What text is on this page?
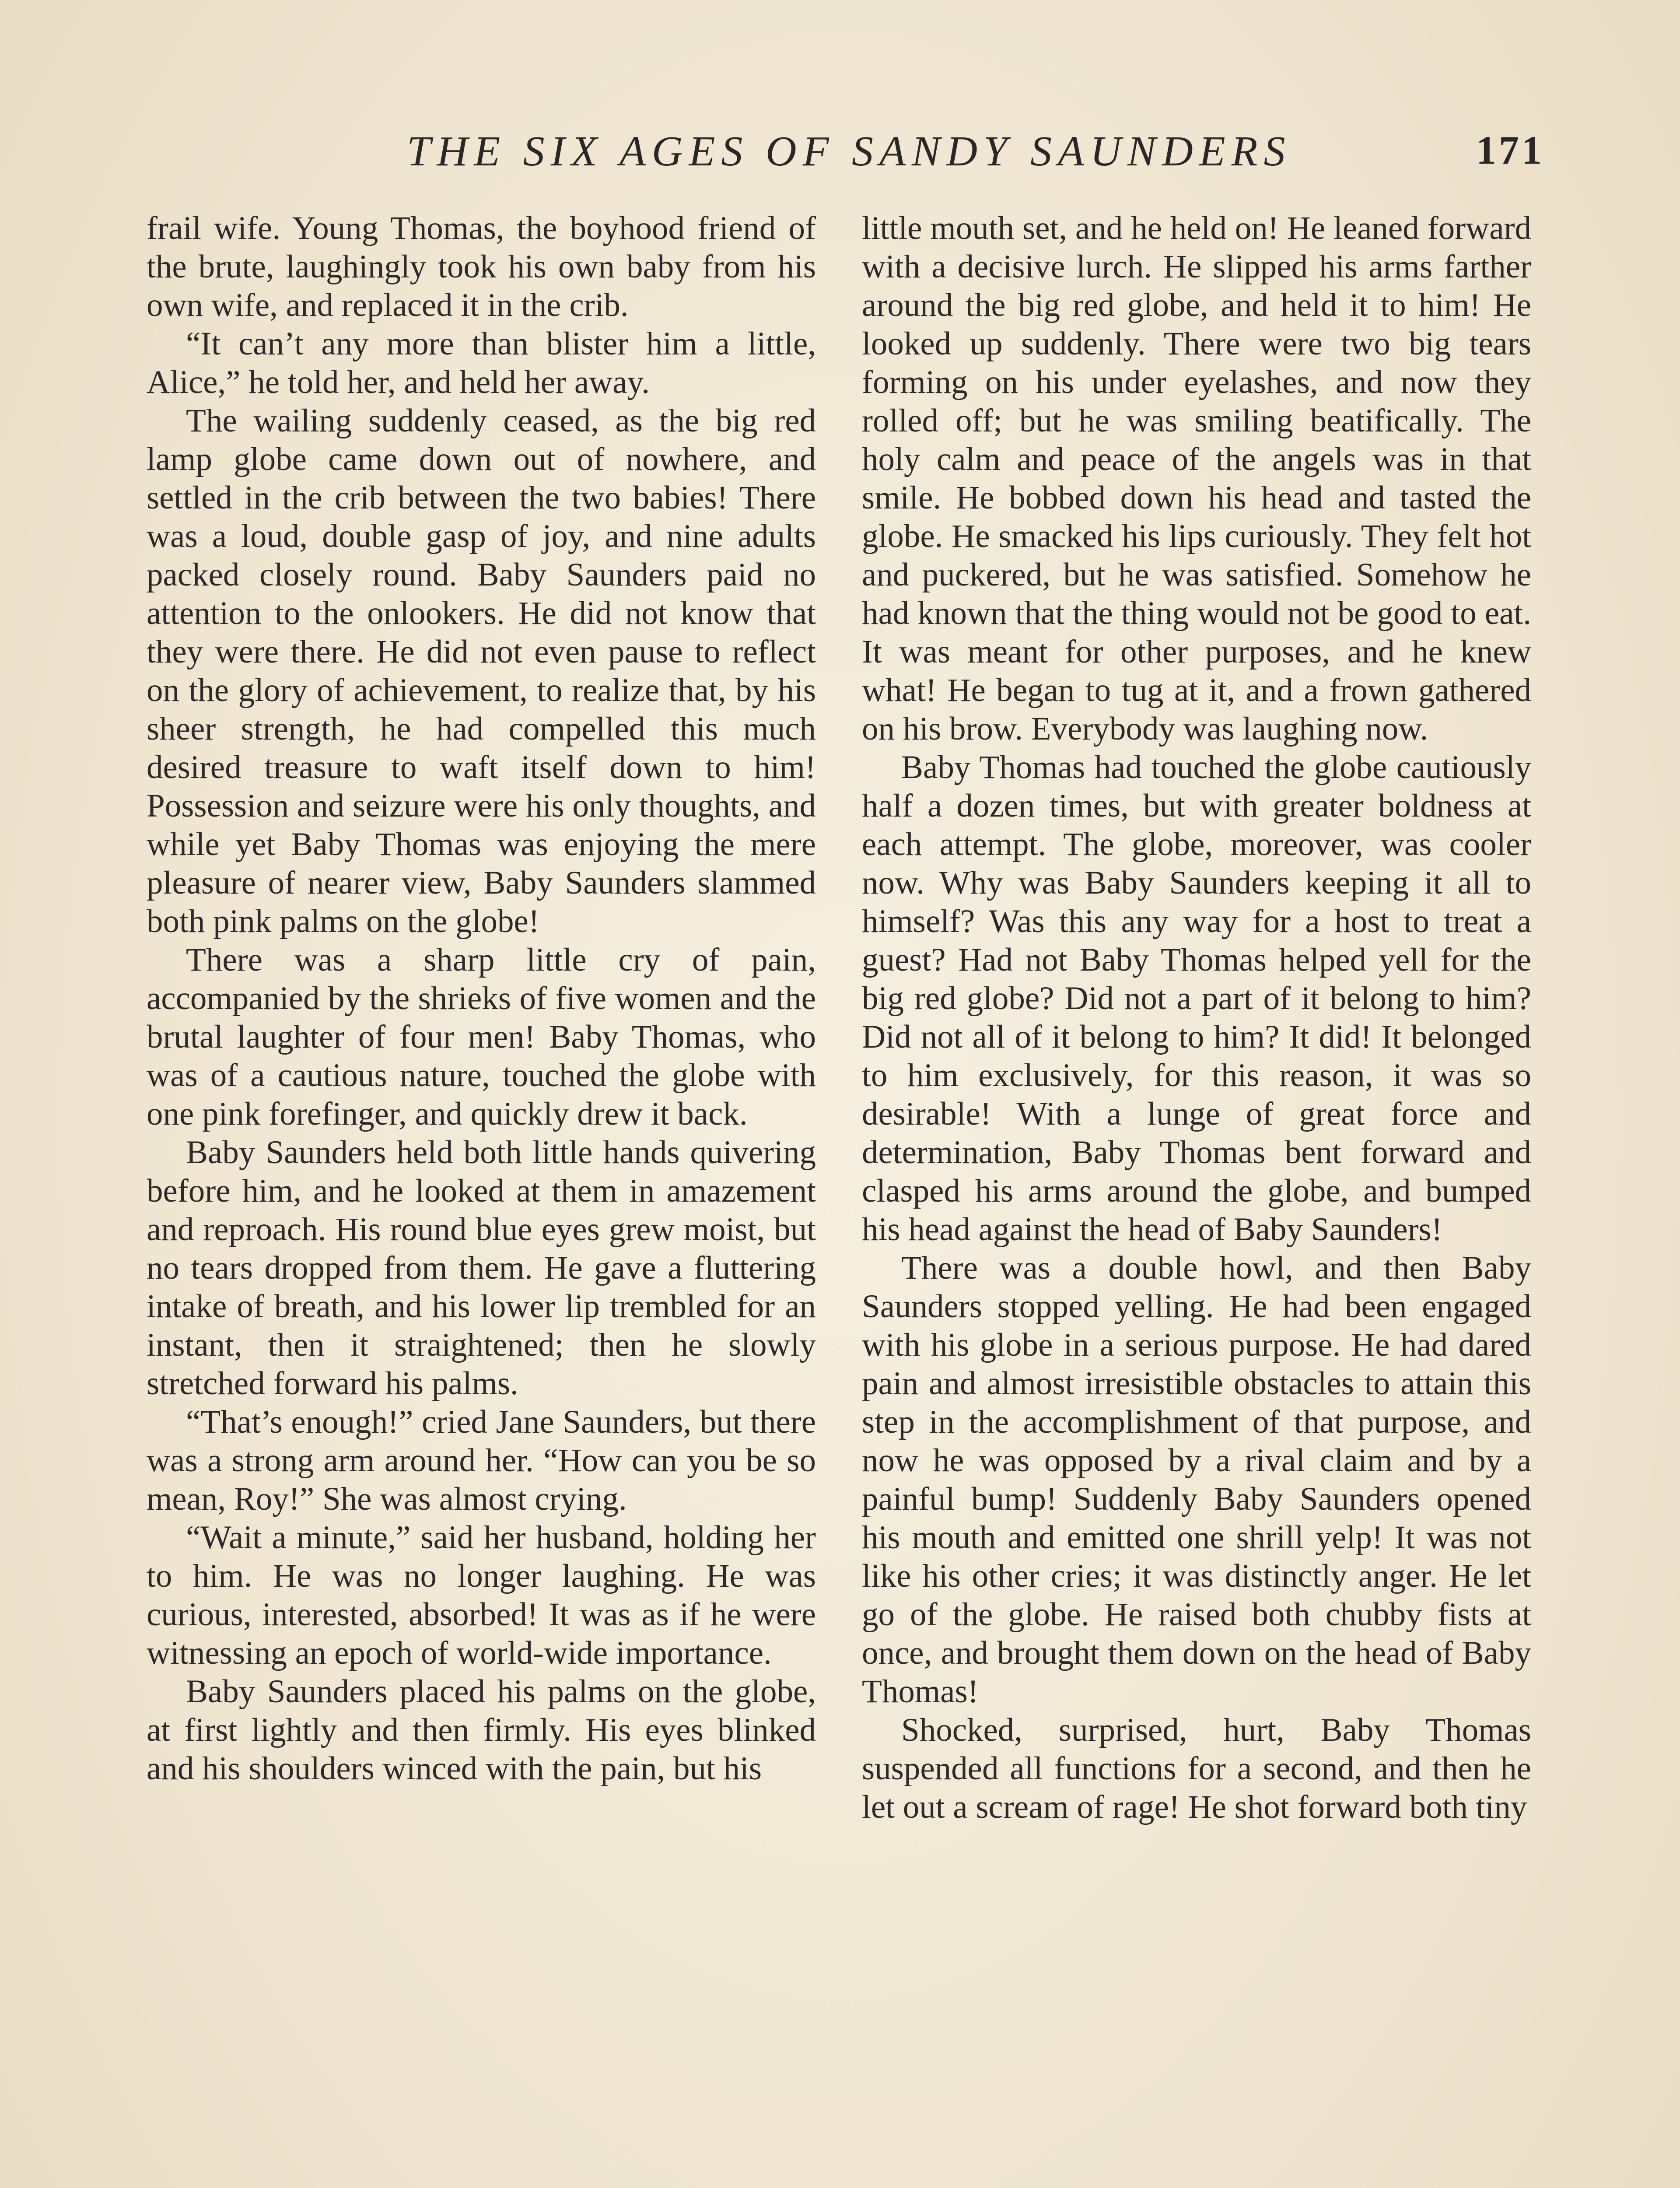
THE SIX AGES OF SANDY SAUNDERS	171

frail wife. Young Thomas, the boyhood friend of the brute, laughingly took his own baby from his own wife, and replaced it in the crib.

“It can’t any more than blister him a little, Alice,” he told her, and held her away.

The wailing suddenly ceased, as the big red lamp globe came down out of nowhere, and settled in the crib between the two babies! There was a loud, double gasp of joy, and nine adults packed closely round. Baby Saunders paid no attention to the onlookers. He did not know that they were there. He did not even pause to reflect on the glory of achievement, to realize that, by his sheer strength, he had compelled this much desired treasure to waft itself down to him! Possession and seizure were his only thoughts, and while yet Baby Thomas was enjoying the mere pleasure of nearer view, Baby Saunders slammed both pink palms on the globe!

There was a sharp little cry of pain, accompanied by the shrieks of five women and the brutal laughter of four men! Baby Thomas, who was of a cautious nature, touched the globe with one pink forefinger, and quickly drew it back.

Baby Saunders held both little hands quivering before him, and he looked at them in amazement and reproach. His round blue eyes grew moist, but no tears dropped from them. He gave a fluttering intake of breath, and his lower lip trembled for an instant, then it straightened; then he slowly stretched forward his palms.

“That’s enough!” cried Jane Saunders, but there was a strong arm around her. “How can you be so mean, Roy!” She was almost crying.

“Wait a minute,” said her husband, holding her to him. He was no longer laughing. He was curious, interested, absorbed! It was as if he were witnessing an epoch of world-wide importance.

Baby Saunders placed his palms on the globe, at first lightly and then firmly. His eyes blinked and his shoulders winced with the pain, but his

little mouth set, and he held on! He leaned forward with a decisive lurch. He slipped his arms farther around the big red globe, and held it to him! He looked up suddenly. There were two big tears forming on his under eyelashes, and now they rolled off; but he was smiling beatifically. The holy calm and peace of the angels was in that smile. He bobbed down his head and tasted the globe. He smacked his lips curiously. They felt hot and puckered, but he was satisfied. Somehow he had known that the thing would not be good to eat. It was meant for other purposes, and he knew what! He began to tug at it, and a frown gathered on his brow. Everybody was laughing now.

Baby Thomas had touched the globe cautiously half a dozen times, but with greater boldness at each attempt. The globe, moreover, was cooler now. Why was Baby Saunders keeping it all to himself? Was this any way for a host to treat a guest? Had not Baby Thomas helped yell for the big red globe? Did not a part of it belong to him? Did not all of it belong to him? It did! It belonged to him exclusively, for this reason, it was so desirable! With a lunge of great force and determination, Baby Thomas bent forward and clasped his arms around the globe, and bumped his head against the head of Baby Saunders!

There was a double howl, and then Baby Saunders stopped yelling. He had been engaged with his globe in a serious purpose. He had dared pain and almost irresistible obstacles to attain this step in the accomplishment of that purpose, and now he was opposed by a rival claim and by a painful bump! Suddenly Baby Saunders opened his mouth and emitted one shrill yelp! It was not like his other cries; it was distinctly anger. He let go of the globe. He raised both chubby fists at once, and brought them down on the head of Baby Thomas!

Shocked, surprised, hurt, Baby Thomas suspended all functions for a second, and then he let out a scream of rage! He shot forward both tiny
